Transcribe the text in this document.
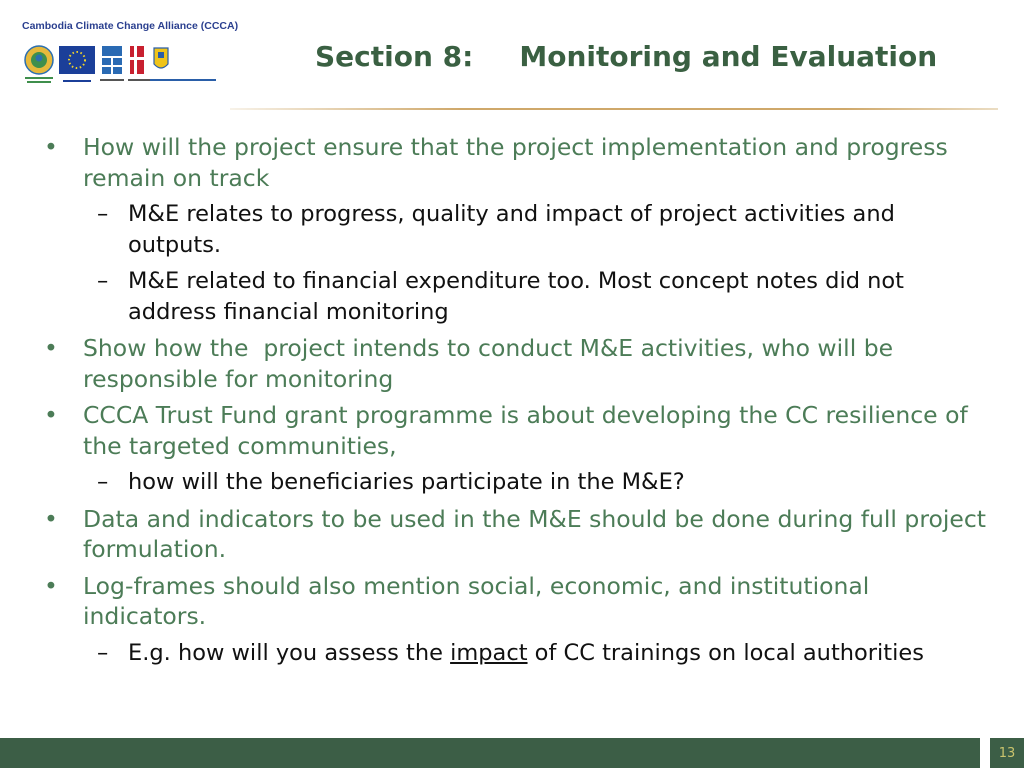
Cambodia Climate Change Alliance (CCCA)
Section 8: Monitoring and Evaluation
• How will the project ensure that the project implementation and progress remain on track
– M&E relates to progress, quality and impact of project activities and outputs.
– M&E related to financial expenditure too. Most concept notes did not address financial monitoring
• Show how the  project intends to conduct M&E activities, who will be responsible for monitoring
• CCCA Trust Fund grant programme is about developing the CC resilience of the targeted communities,
– how will the beneficiaries participate in the M&E?
• Data and indicators to be used in the M&E should be done during full project formulation.
• Log-frames should also mention social, economic, and institutional indicators.
– E.g. how will you assess the impact of CC trainings on local authorities
13
